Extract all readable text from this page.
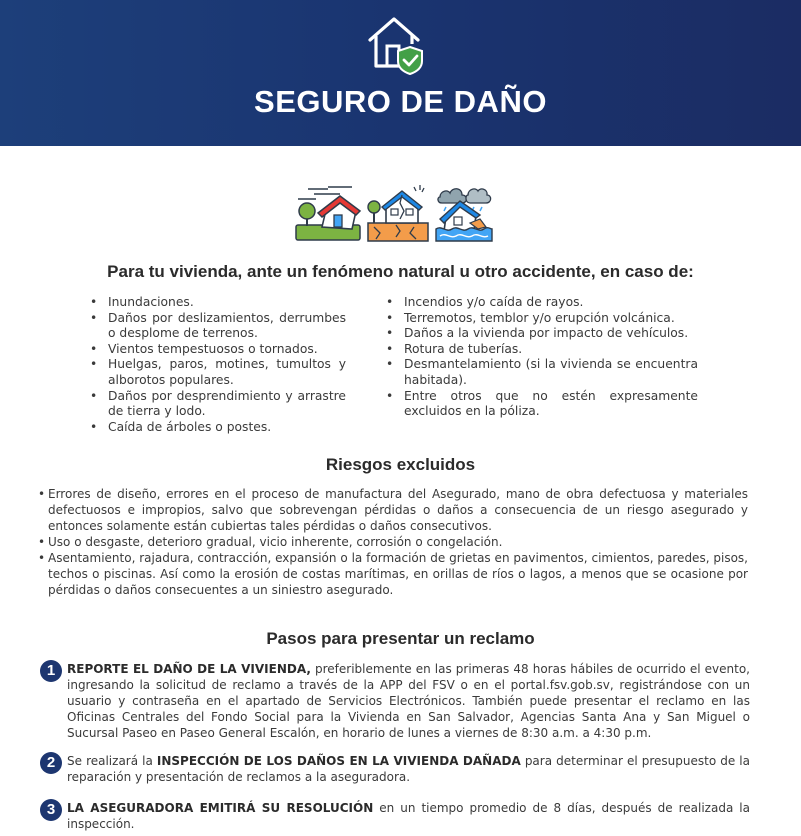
SEGURO DE DAÑO
Para tu vivienda, ante un fenómeno natural u otro accidente, en caso de:
• Inundaciones.
• Daños por deslizamientos, derrumbes o desplome de terrenos.
• Vientos tempestuosos o tornados.
• Huelgas, paros, motines, tumultos y alborotos populares.
• Daños por desprendimiento y arrastre de tierra y lodo.
• Caída de árboles o postes.
• Incendios y/o caída de rayos.
• Terremotos, temblor y/o erupción volcánica.
• Daños a la vivienda por impacto de vehículos.
• Rotura de tuberías.
• Desmantelamiento (si la vivienda se encuentra habitada).
• Entre otros que no estén expresamente excluidos en la póliza.
Riesgos excluidos
• Errores de diseño, errores en el proceso de manufactura del Asegurado, mano de obra defectuosa y materiales defectuosos e impropios, salvo que sobrevengan pérdidas o daños a consecuencia de un riesgo asegurado y entonces solamente están cubiertas tales pérdidas o daños consecutivos.
• Uso o desgaste, deterioro gradual, vicio inherente, corrosión o congelación.
• Asentamiento, rajadura, contracción, expansión o la formación de grietas en pavimentos, cimientos, paredes, pisos, techos o piscinas. Así como la erosión de costas marítimas, en orillas de ríos o lagos, a menos que se ocasione por pérdidas o daños consecuentes a un siniestro asegurado.
Pasos para presentar un reclamo
1 REPORTE EL DAÑO DE LA VIVIENDA, preferiblemente en las primeras 48 horas hábiles de ocurrido el evento, ingresando la solicitud de reclamo a través de la APP del FSV o en el portal.fsv.gob.sv, registrándose con un usuario y contraseña en el apartado de Servicios Electrónicos. También puede presentar el reclamo en las Oficinas Centrales del Fondo Social para la Vivienda en San Salvador, Agencias Santa Ana y San Miguel o Sucursal Paseo en Paseo General Escalón, en horario de lunes a viernes de 8:30 a.m. a 4:30 p.m.
2 Se realizará la INSPECCIÓN DE LOS DAÑOS EN LA VIVIENDA DAÑADA para determinar el presupuesto de la reparación y presentación de reclamos a la aseguradora.
3 LA ASEGURADORA EMITIRÁ SU RESOLUCIÓN en un tiempo promedio de 8 días, después de realizada la inspección.
